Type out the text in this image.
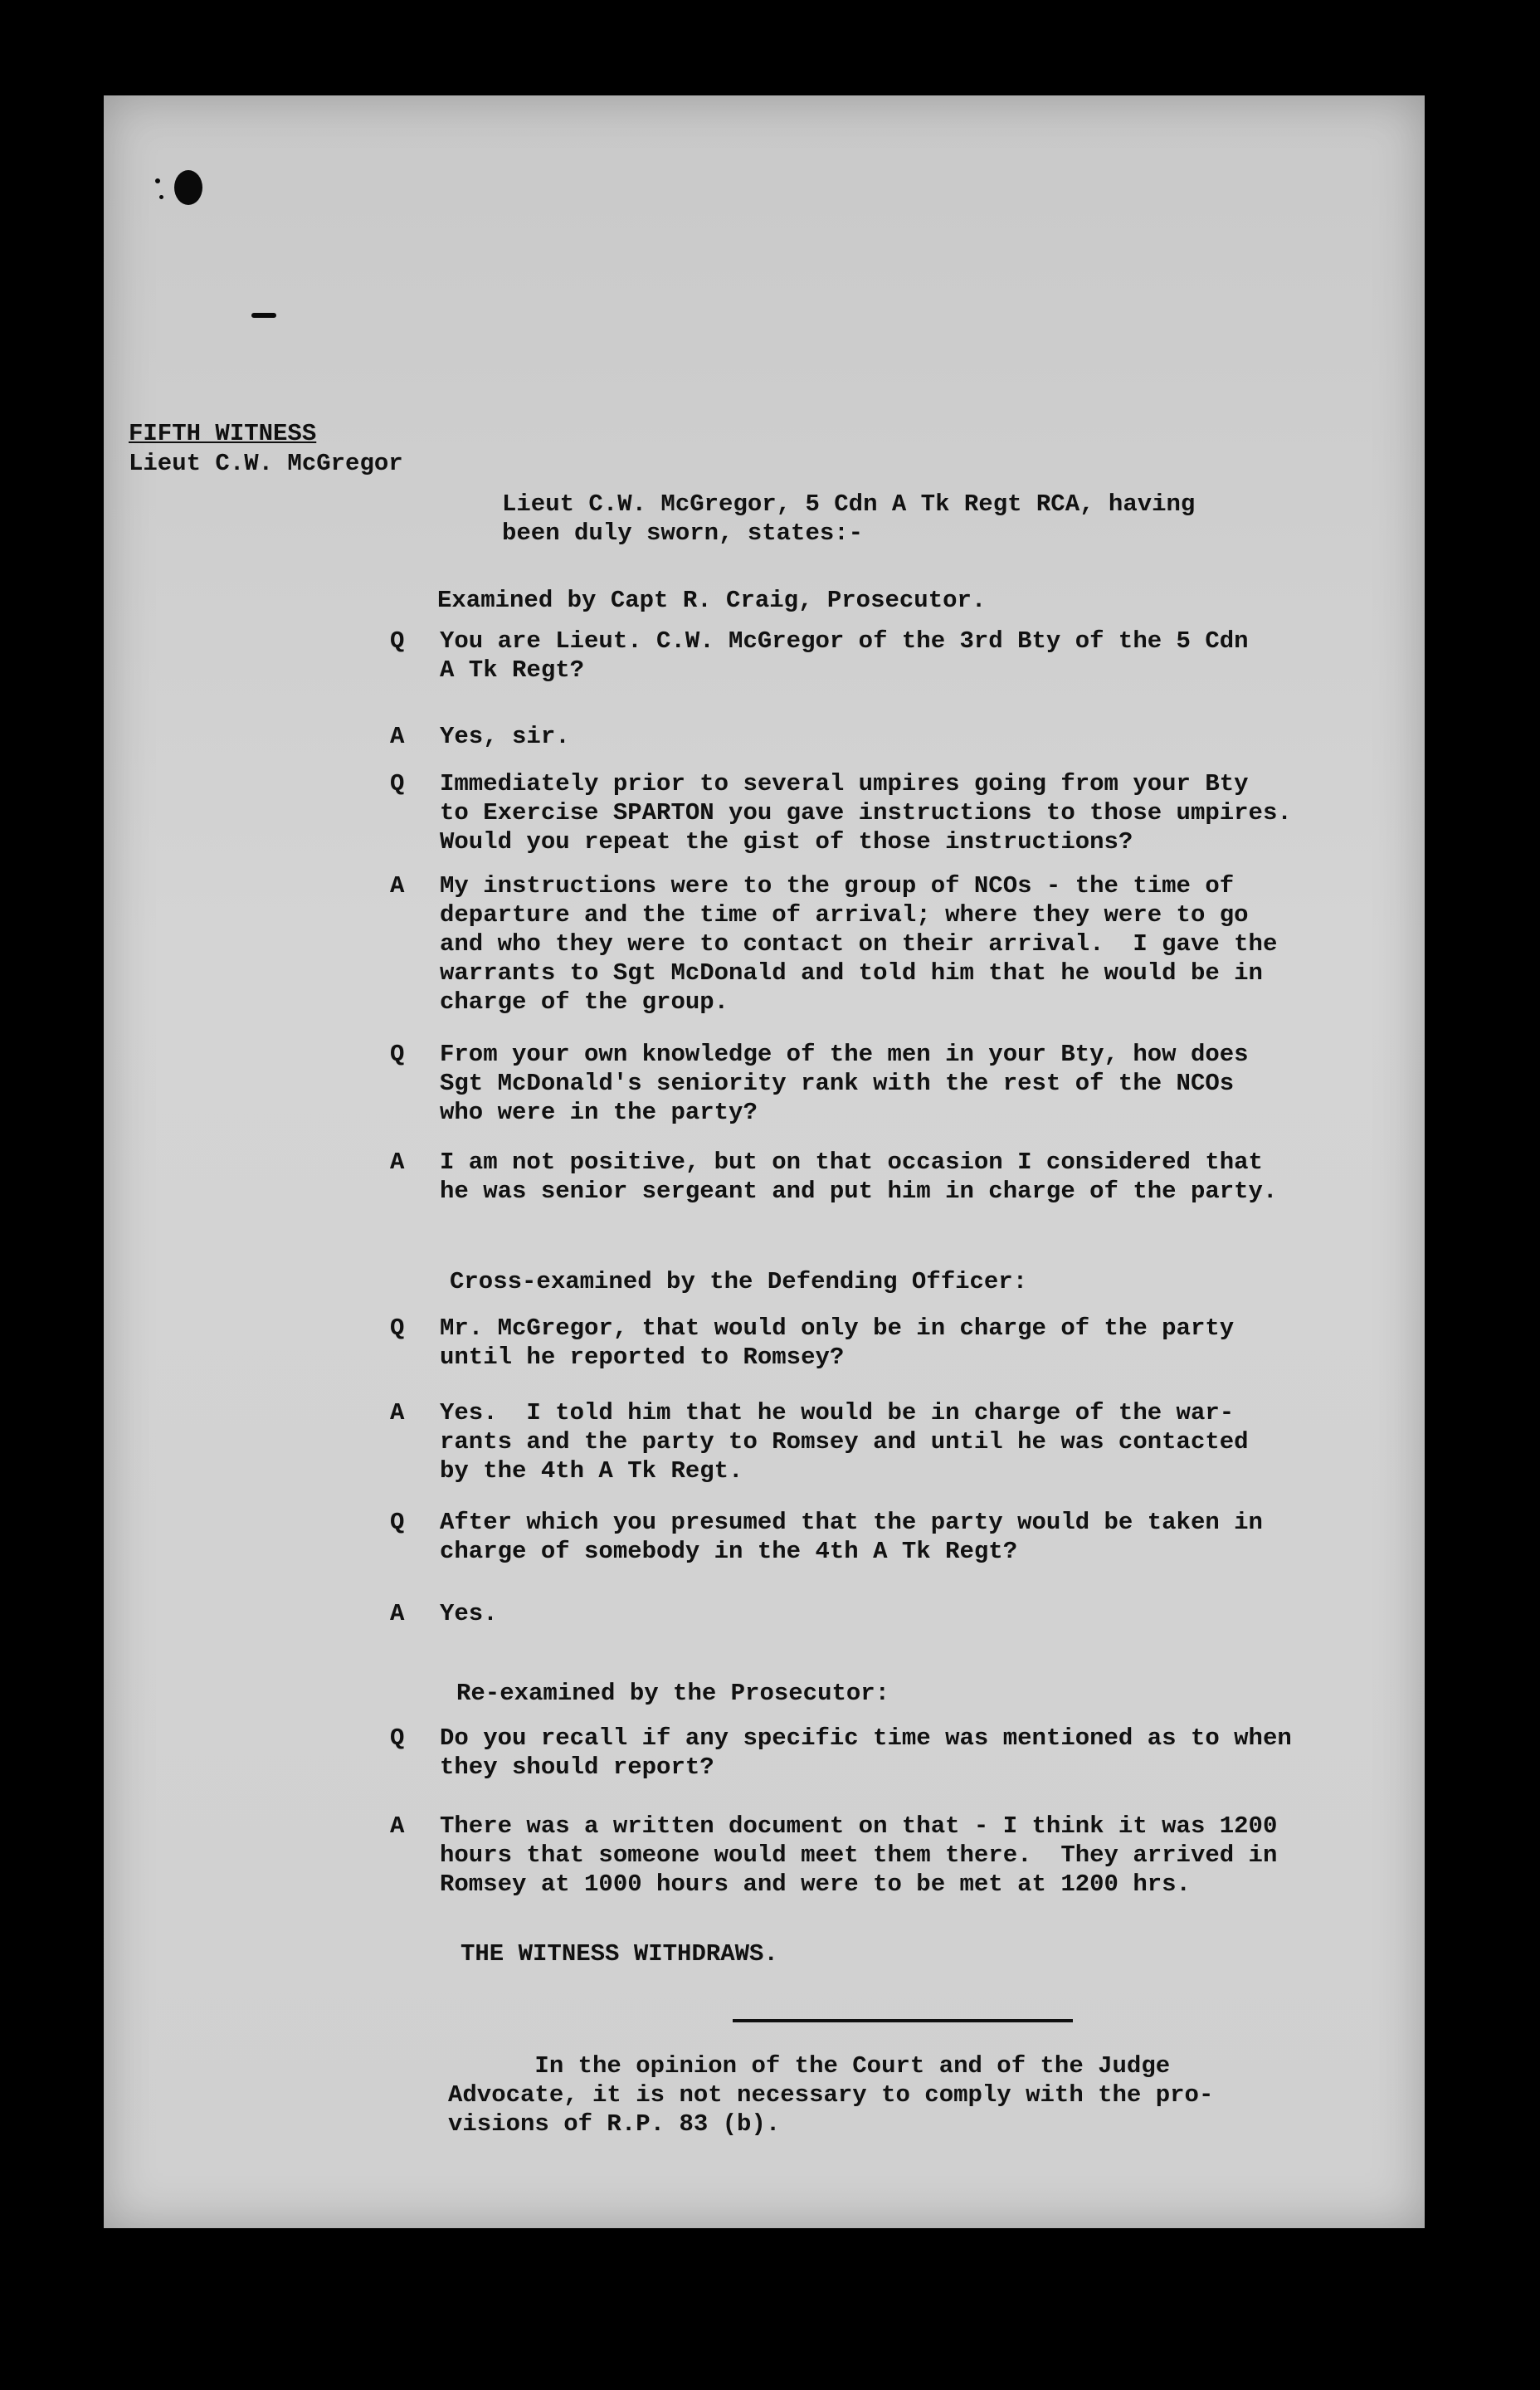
FIFTH WITNESS
Lieut C.W. McGregor
Lieut C.W. McGregor, 5 Cdn A Tk Regt RCA, having
been duly sworn, states:-
Examined by Capt R. Craig, Prosecutor.
Q	You are Lieut. C.W. McGregor of the 3rd Bty of the 5 Cdn
A Tk Regt?
A	Yes, sir.
Q	Immediately prior to several umpires going from your Bty
to Exercise SPARTON you gave instructions to those umpires.
Would you repeat the gist of those instructions?
A	My instructions were to the group of NCOs - the time of
departure and the time of arrival; where they were to go
and who they were to contact on their arrival.  I gave the
warrants to Sgt McDonald and told him that he would be in
charge of the group.
Q	From your own knowledge of the men in your Bty, how does
Sgt McDonald's seniority rank with the rest of the NCOs
who were in the party?
A	I am not positive, but on that occasion I considered that
he was senior sergeant and put him in charge of the party.
Cross-examined by the Defending Officer:
Q	Mr. McGregor, that would only be in charge of the party
until he reported to Romsey?
A	Yes.  I told him that he would be in charge of the war-
rants and the party to Romsey and until he was contacted
by the 4th A Tk Regt.
Q	After which you presumed that the party would be taken in
charge of somebody in the 4th A Tk Regt?
A	Yes.
Re-examined by the Prosecutor:
Q	Do you recall if any specific time was mentioned as to when
they should report?
A	There was a written document on that - I think it was 1200
hours that someone would meet them there.  They arrived in
Romsey at 1000 hours and were to be met at 1200 hrs.
THE WITNESS WITHDRAWS.
In the opinion of the Court and of the Judge
Advocate, it is not necessary to comply with the pro-
visions of R.P. 83 (b).
